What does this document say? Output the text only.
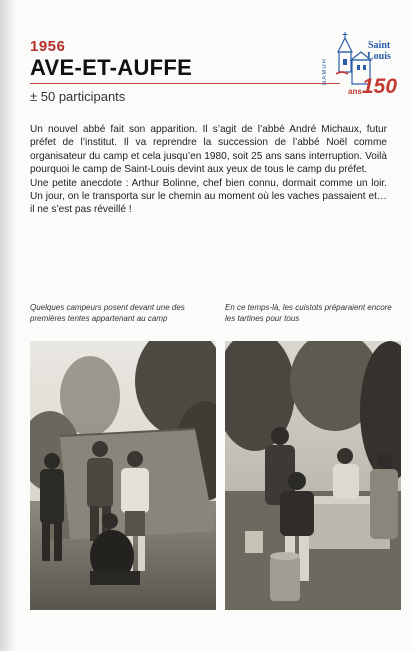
1956
AVE-ET-AUFFE
± 50 participants
NAMUR
Saint
Louis
ans 150

Un nouvel abbé fait son apparition. Il s’agit de l’abbé André Michaux, futur préfet de l’institut. Il va reprendre la succession de l’abbé Noël comme organisateur du camp et cela jusqu’en 1980, soit 25 ans sans interruption. Voilà pourquoi le camp de Saint-Louis devint aux yeux de tous le camp du préfet.

Une petite anecdote : Arthur Bolinne, chef bien connu, dormait comme un loir. Un jour, on le transporta sur le chemin au moment où les vaches passaient et… il ne s’est pas réveillé !

Quelques campeurs posent devant une des premières tentes appartenant au camp
En ce temps-là, les cuistots préparaient encore les tartines pour tous
